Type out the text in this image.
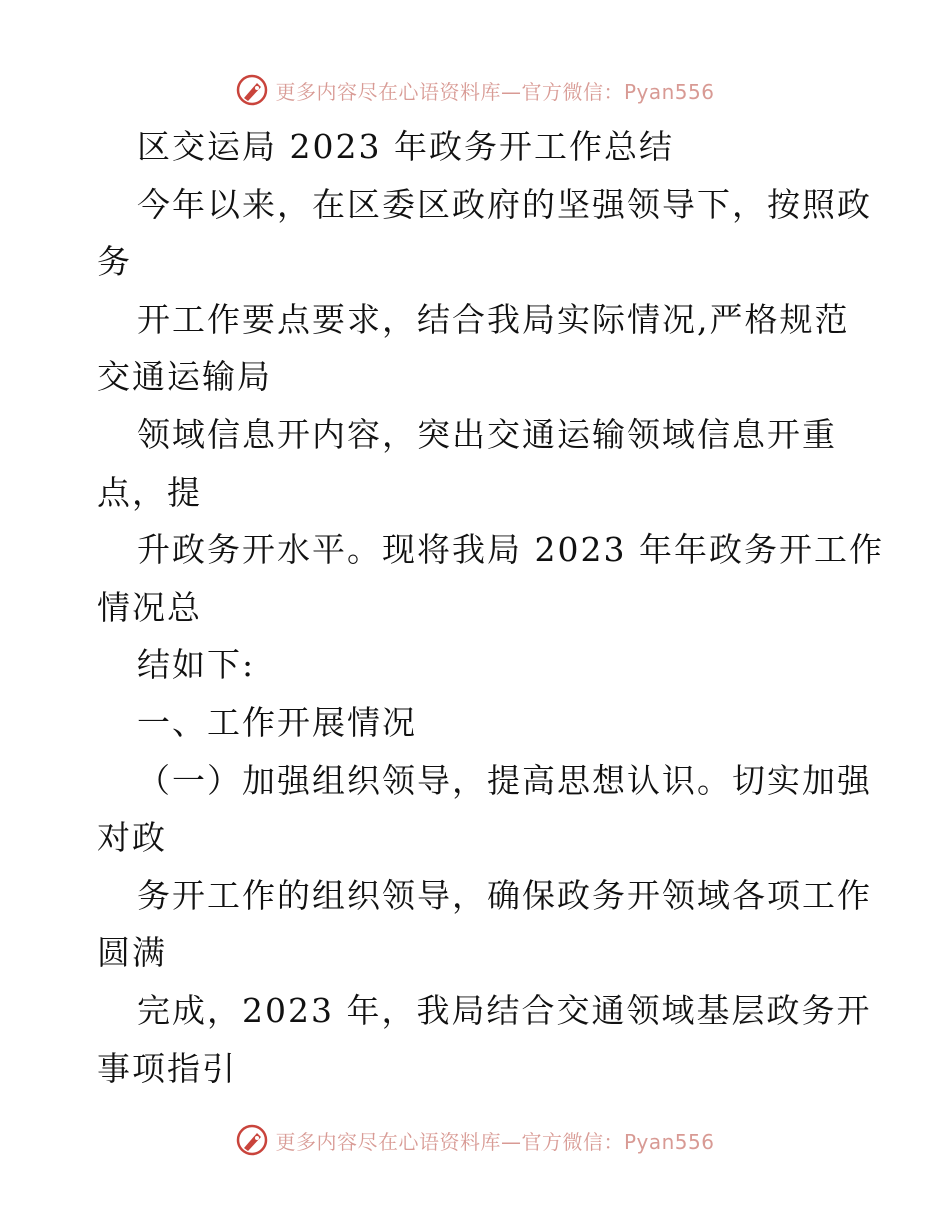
更多内容尽在心语资料库—官方微信：Pyan556
区交运局 2023 年政务开工作总结
今年以来，在区委区政府的坚强领导下，按照政
务
开工作要点要求，结合我局实际情况,严格规范
交通运输局
领域信息开内容，突出交通运输领域信息开重
点，提
升政务开水平。现将我局 2023 年年政务开工作
情况总
结如下:
一、工作开展情况
（一）加强组织领导，提高思想认识。切实加强
对政
务开工作的组织领导，确保政务开领域各项工作
圆满
完成，2023 年，我局结合交通领域基层政务开
事项指引
更多内容尽在心语资料库—官方微信：Pyan556
